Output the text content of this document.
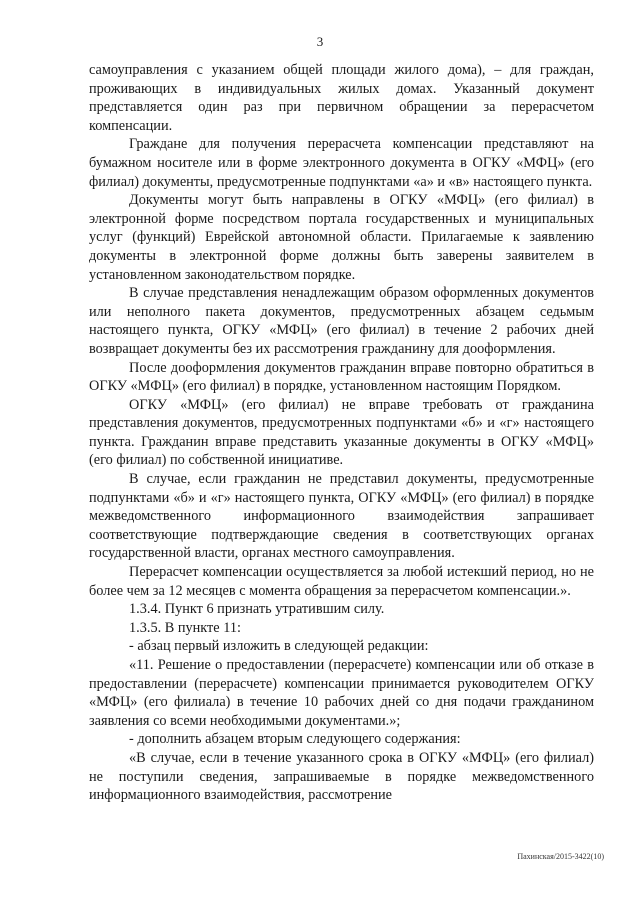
3

самоуправления с указанием общей площади жилого дома), – для граждан, проживающих в индивидуальных жилых домах. Указанный документ представляется один раз при первичном обращении за перерасчетом компенсации.

Граждане для получения перерасчета компенсации представляют на бумажном носителе или в форме электронного документа в ОГКУ «МФЦ» (его филиал) документы, предусмотренные подпунктами «а» и «в» настоящего пункта.

Документы могут быть направлены в ОГКУ «МФЦ» (его филиал) в электронной форме посредством портала государственных и муниципальных услуг (функций) Еврейской автономной области. Прилагаемые к заявлению документы в электронной форме должны быть заверены заявителем в установленном законодательством порядке.

В случае представления ненадлежащим образом оформленных документов или неполного пакета документов, предусмотренных абзацем седьмым настоящего пункта, ОГКУ «МФЦ» (его филиал) в течение 2 рабочих дней возвращает документы без их рассмотрения гражданину для дооформления.

После дооформления документов гражданин вправе повторно обратиться в ОГКУ «МФЦ» (его филиал) в порядке, установленном настоящим Порядком.

ОГКУ «МФЦ» (его филиал) не вправе требовать от гражданина представления документов, предусмотренных подпунктами «б» и «г» настоящего пункта. Гражданин вправе представить указанные документы в ОГКУ «МФЦ» (его филиал) по собственной инициативе.

В случае, если гражданин не представил документы, предусмотренные подпунктами «б» и «г» настоящего пункта, ОГКУ «МФЦ» (его филиал) в порядке межведомственного информационного взаимодействия запрашивает соответствующие подтверждающие сведения в соответствующих органах государственной власти, органах местного самоуправления.

Перерасчет компенсации осуществляется за любой истекший период, но не более чем за 12 месяцев с момента обращения за перерасчетом компенсации.».

1.3.4. Пункт 6 признать утратившим силу.

1.3.5. В пункте 11:

- абзац первый изложить в следующей редакции:

«11. Решение о предоставлении (перерасчете) компенсации или об отказе в предоставлении (перерасчете) компенсации принимается руководителем ОГКУ «МФЦ» (его филиала) в течение 10 рабочих дней со дня подачи гражданином заявления со всеми необходимыми документами.»;

- дополнить абзацем вторым следующего содержания:

«В случае, если в течение указанного срока в ОГКУ «МФЦ» (его филиал) не поступили сведения, запрашиваемые в порядке межведомственного информационного взаимодействия, рассмотрение

Пахинская/2015-3422(10)
